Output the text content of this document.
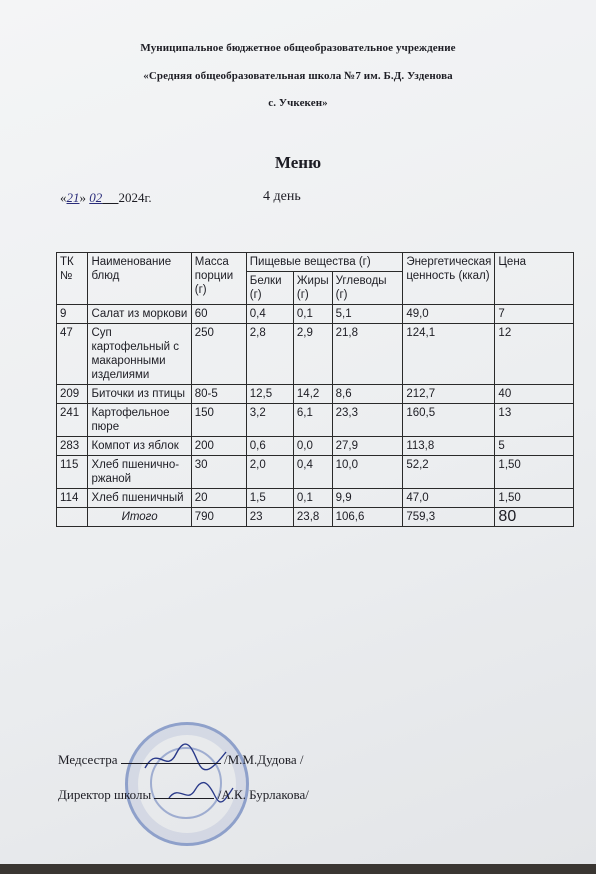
Муниципальное бюджетное общеобразовательное учреждение
«Средняя общеобразовательная школа №7 им. Б.Д. Узденова
с. Учкекен»
Меню
«21» 02 2024г.	4 день
ТК №	Наименование блюд	Масса порции (г)	Пищевые вещества (г)			Энергетическая ценность (ккал)	Цена
			Белки (г)	Жиры (г)	Углеводы (г)		
9	Салат из моркови	60	0,4	0,1	5,1	49,0	7
47	Суп картофельный с макаронными изделиями	250	2,8	2,9	21,8	124,1	12
209	Биточки из птицы	80-5	12,5	14,2	8,6	212,7	40
241	Картофельное пюре	150	3,2	6,1	23,3	160,5	13
283	Компот из яблок	200	0,6	0,0	27,9	113,8	5
115	Хлеб пшенично-ржаной	30	2,0	0,4	10,0	52,2	1,50
114	Хлеб пшеничный	20	1,5	0,1	9,9	47,0	1,50
	Итого	790	23	23,8	106,6	759,3	80
Медсестра	/М.М.Дудова /
Директор школы	/А.К. Бурлакова/
